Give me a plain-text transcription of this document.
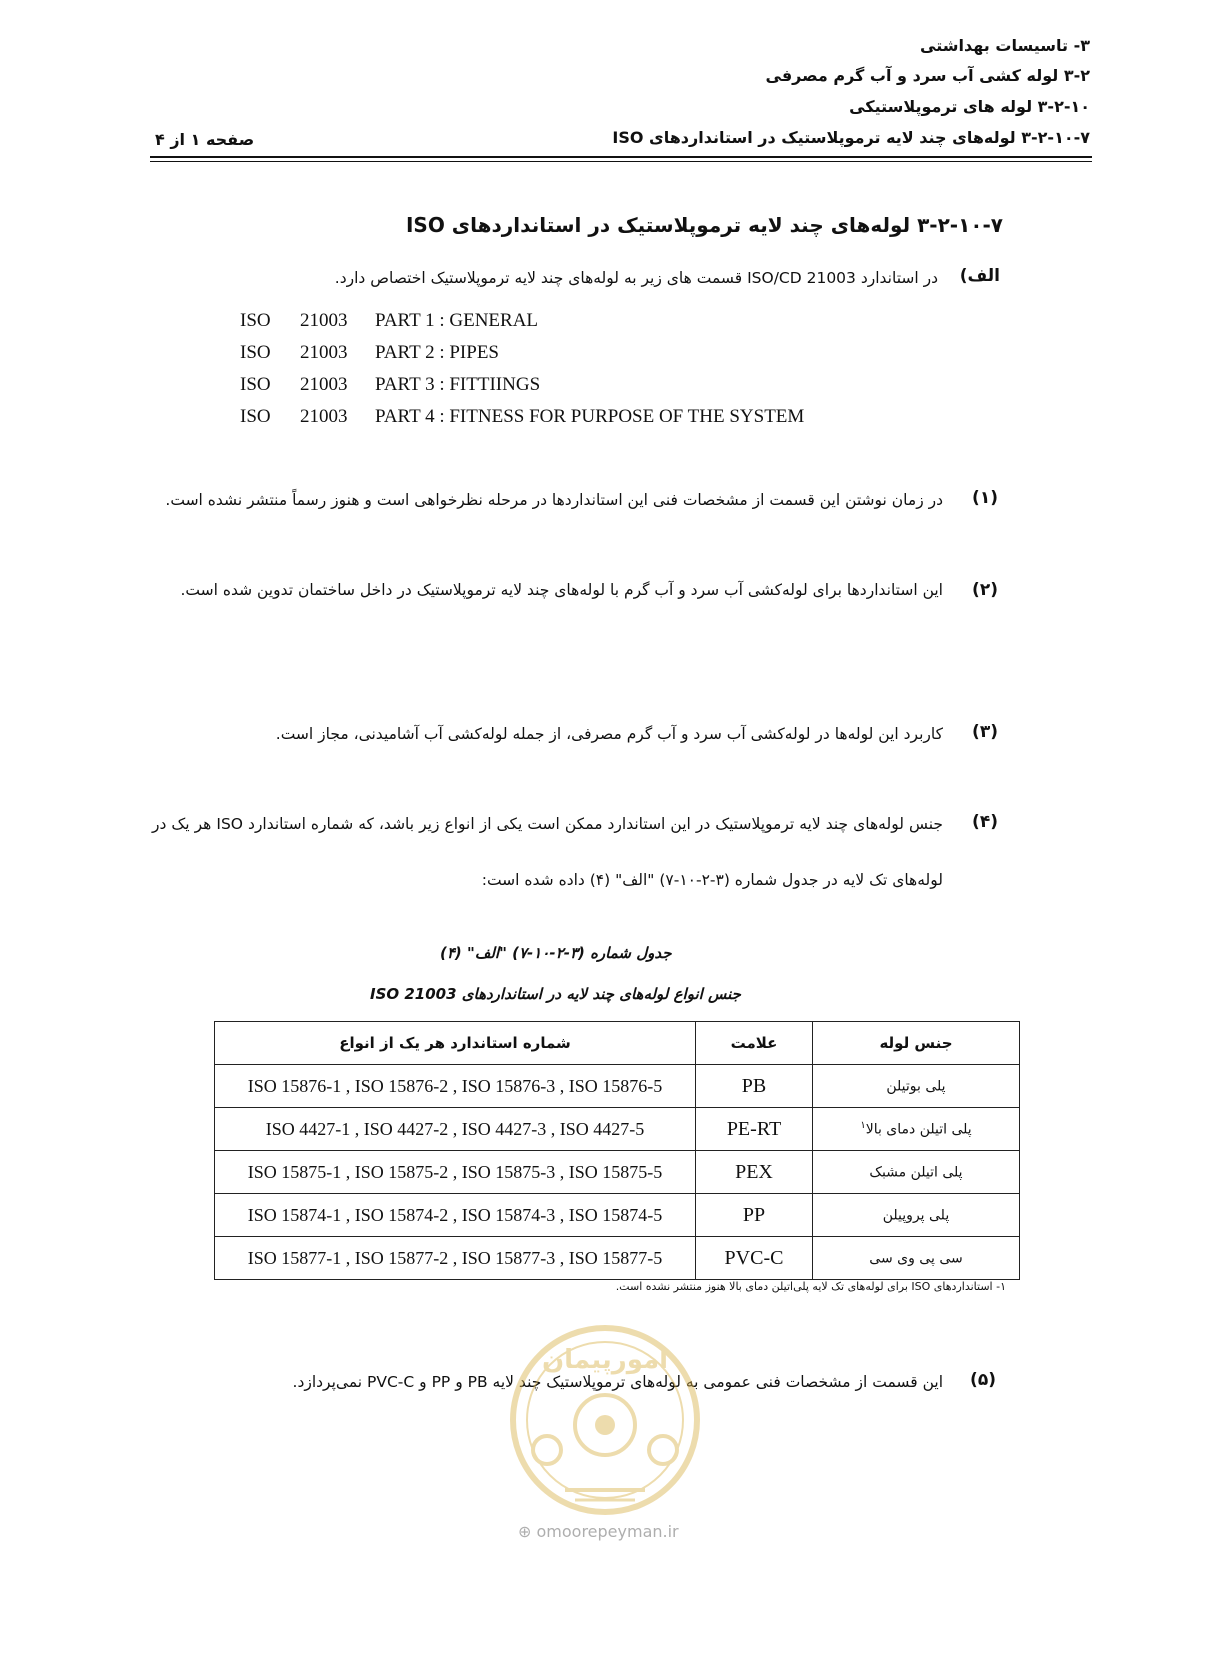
۳- تاسیسات بهداشتی
۳-۲ لوله کشی آب سرد و آب گرم مصرفی
۳-۲-۱۰ لوله های ترموپلاستیکی
۳-۲-۱۰-۷ لوله‌های چند لایه ترموپلاستیک در استانداردهای ISO
صفحه ۱ از ۴
۳-۲-۱۰-۷ لوله‌های چند لایه ترموپلاستیک در استانداردهای ISO
الف)
در استاندارد ISO/CD 21003 قسمت های زیر به لوله‌های چند لایه ترموپلاستیک اختصاص دارد.
ISO	21003	PART 1 : GENERAL
ISO	21003	PART 2 : PIPES
ISO	21003	PART 3 : FITTIINGS
ISO	21003	PART 4 : FITNESS FOR PURPOSE OF THE SYSTEM
(۱)
در زمان نوشتن این قسمت از مشخصات فنی این استانداردها در مرحله نظرخواهی است و هنوز رسماً منتشر نشده است.
(۲)
این استانداردها برای لوله‌کشی آب سرد و آب گرم با لوله‌های چند لایه ترموپلاستیک در داخل ساختمان تدوین شده است.
(۳)
کاربرد این لوله‌ها در لوله‌کشی آب سرد و آب گرم مصرفی، از جمله لوله‌کشی آب آشامیدنی، مجاز است.
(۴)
جنس لوله‌های چند لایه ترموپلاستیک در این استاندارد ممکن است یکی از انواع زیر باشد، که شماره استاندارد ISO هر یک در لوله‌های تک لایه در جدول شماره (۳-۲-۱۰-۷) "الف" (۴) داده شده است:
جدول شماره (۳-۲-۱۰-۷) "الف" (۴)
جنس انواع لوله‌های چند لایه در استانداردهای ISO 21003
جنس لوله	علامت	شماره استاندارد هر یک از انواع
پلی بوتیلن	PB	ISO 15876-1 , ISO 15876-2 , ISO 15876-3 , ISO 15876-5
پلی اتیلن دمای بالا$^۱$	PE-RT	ISO 4427-1 , ISO 4427-2 , ISO 4427-3 , ISO 4427-5
پلی اتیلن مشبک	PEX	ISO 15875-1 , ISO 15875-2 , ISO 15875-3 , ISO 15875-5
پلی پروپیلن	PP	ISO 15874-1 , ISO 15874-2 , ISO 15874-3 , ISO 15874-5
سی پی وی سی	PVC-C	ISO 15877-1 , ISO 15877-2 , ISO 15877-3 , ISO 15877-5
۱- استانداردهای ISO برای لوله‌های تک لایه پلی‌اتیلن دمای بالا هنوز منتشر نشده است.
(۵)
این قسمت از مشخصات فنی عمومی به لوله‌های ترموپلاستیک چند لایه PB و PP و PVC-C نمی‌پردازد.
امورپیمان
⊕ omoorepeyman.ir
